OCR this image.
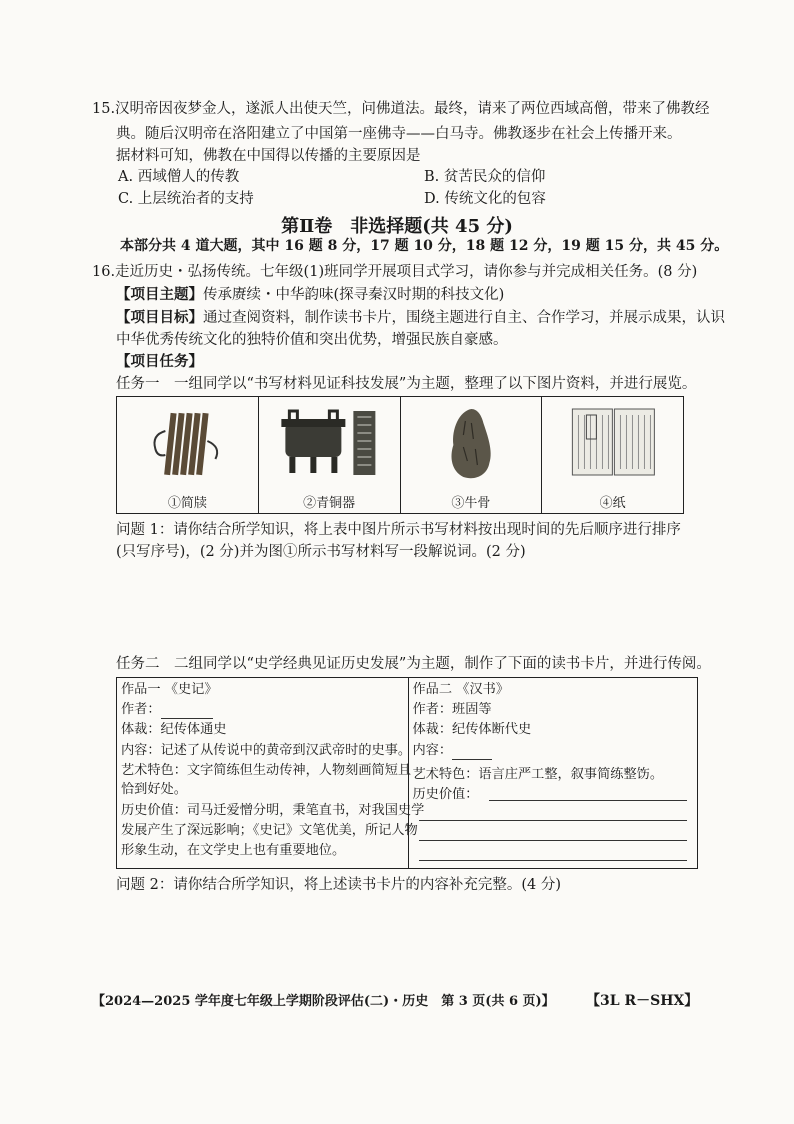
15.汉明帝因夜梦金人，遂派人出使天竺，问佛道法。最终，请来了两位西域高僧，带来了佛教经
典。随后汉明帝在洛阳建立了中国第一座佛寺——白马寺。佛教逐步在社会上传播开来。
据材料可知，佛教在中国得以传播的主要原因是
A. 西域僧人的传教	B. 贫苦民众的信仰
C. 上层统治者的支持	D. 传统文化的包容
第Ⅱ卷　非选择题(共 45 分)
本部分共 4 道大题，其中 16 题 8 分，17 题 10 分，18 题 12 分，19 题 15 分，共 45 分。
16.走近历史・弘扬传统。七年级(1)班同学开展项目式学习，请你参与并完成相关任务。(8 分)
【项目主题】传承赓续・中华韵味(探寻秦汉时期的科技文化)
【项目目标】通过查阅资料，制作读书卡片，围绕主题进行自主、合作学习，并展示成果，认识
中华优秀传统文化的独特价值和突出优势，增强民族自豪感。
【项目任务】
任务一　一组同学以“书写材料见证科技发展”为主题，整理了以下图片资料，并进行展览。
①简牍	②青铜器	③牛骨	④纸
问题 1：请你结合所学知识，将上表中图片所示书写材料按出现时间的先后顺序进行排序
(只写序号)，(2 分)并为图①所示书写材料写一段解说词。(2 分)
任务二　二组同学以“史学经典见证历史发展”为主题，制作了下面的读书卡片，并进行传阅。
作品一 《史记》
作者：
体裁：纪传体通史
内容：记述了从传说中的黄帝到汉武帝时的史事。
艺术特色：文字简练但生动传神，人物刻画简短且
恰到好处。
历史价值：司马迁爱憎分明，秉笔直书，对我国史学
发展产生了深远影响；《史记》文笔优美，所记人物
形象生动，在文学史上也有重要地位。
作品二 《汉书》
作者：班固等
体裁：纪传体断代史
内容：
艺术特色：语言庄严工整，叙事简练整饬。
历史价值：
问题 2：请你结合所学知识，将上述读书卡片的内容补充完整。(4 分)
【2024—2025 学年度七年级上学期阶段评估(二)・历史　第 3 页(共 6 页)】 【3L R－SHX】
